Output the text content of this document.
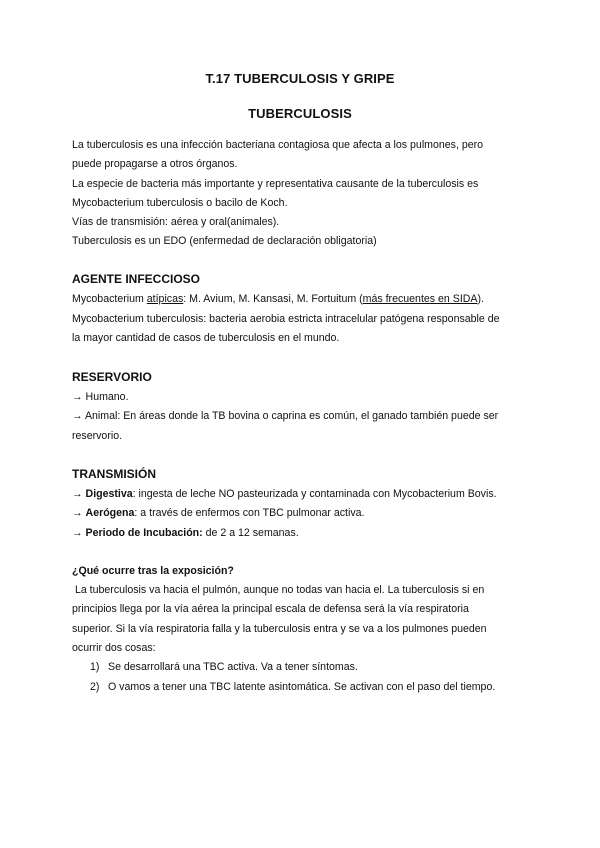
T.17 TUBERCULOSIS Y GRIPE
TUBERCULOSIS
La tuberculosis es una infección bacteriana contagiosa que afecta a los pulmones, pero
puede propagarse a otros órganos.
La especie de bacteria más importante y representativa causante de la tuberculosis es
Mycobacterium tuberculosis o bacilo de Koch.
Vías de transmisión: aérea y oral(animales).
Tuberculosis es un EDO (enfermedad de declaración obligatoria)
AGENTE INFECCIOSO
Mycobacterium atípicas: M. Avium, M. Kansasi, M. Fortuitum (más frecuentes en SIDA).
Mycobacterium tuberculosis: bacteria aerobia estricta intracelular patógena responsable de
la mayor cantidad de casos de tuberculosis en el mundo.
RESERVORIO
→ Humano.
→ Animal: En áreas donde la TB bovina o caprina es común, el ganado también puede ser
reservorio.
TRANSMISIÓN
→ Digestiva: ingesta de leche NO pasteurizada y contaminada con Mycobacterium Bovis.
→ Aerógena: a través de enfermos con TBC pulmonar activa.
→ Periodo de Incubación: de 2 a 12 semanas.
¿Qué ocurre tras la exposición?
La tuberculosis va hacia el pulmón, aunque no todas van hacia el. La tuberculosis si en
principios llega por la vía aérea la principal escala de defensa será la vía respiratoria
superior. Si la vía respiratoria falla y la tuberculosis entra y se va a los pulmones pueden
ocurrir dos cosas:
1) Se desarrollará una TBC activa. Va a tener síntomas.
2) O vamos a tener una TBC latente asintomática. Se activan con el paso del tiempo.
